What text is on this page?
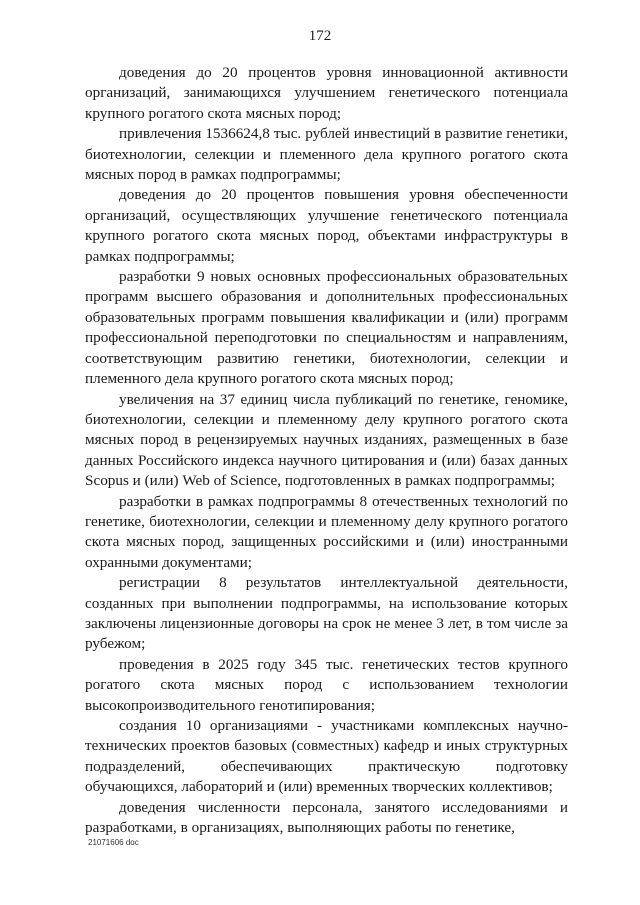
172

доведения до 20 процентов уровня инновационной активности организаций, занимающихся улучшением генетического потенциала крупного рогатого скота мясных пород;

привлечения 1536624,8 тыс. рублей инвестиций в развитие генетики, биотехнологии, селекции и племенного дела крупного рогатого скота мясных пород в рамках подпрограммы;

доведения до 20 процентов повышения уровня обеспеченности организаций, осуществляющих улучшение генетического потенциала крупного рогатого скота мясных пород, объектами инфраструктуры в рамках подпрограммы;

разработки 9 новых основных профессиональных образовательных программ высшего образования и дополнительных профессиональных образовательных программ повышения квалификации и (или) программ профессиональной переподготовки по специальностям и направлениям, соответствующим развитию генетики, биотехнологии, селекции и племенного дела крупного рогатого скота мясных пород;

увеличения на 37 единиц числа публикаций по генетике, геномике, биотехнологии, селекции и племенному делу крупного рогатого скота мясных пород в рецензируемых научных изданиях, размещенных в базе данных Российского индекса научного цитирования и (или) базах данных Scopus и (или) Web of Science, подготовленных в рамках подпрограммы;

разработки в рамках подпрограммы 8 отечественных технологий по генетике, биотехнологии, селекции и племенному делу крупного рогатого скота мясных пород, защищенных российскими и (или) иностранными охранными документами;

регистрации 8 результатов интеллектуальной деятельности, созданных при выполнении подпрограммы, на использование которых заключены лицензионные договоры на срок не менее 3 лет, в том числе за рубежом;

проведения в 2025 году 345 тыс. генетических тестов крупного рогатого скота мясных пород с использованием технологии высокопроизводительного генотипирования;

создания 10 организациями - участниками комплексных научно-технических проектов базовых (совместных) кафедр и иных структурных подразделений, обеспечивающих практическую подготовку обучающихся, лабораторий и (или) временных творческих коллективов;

доведения численности персонала, занятого исследованиями и разработками, в организациях, выполняющих работы по генетике,

21071606 doc
